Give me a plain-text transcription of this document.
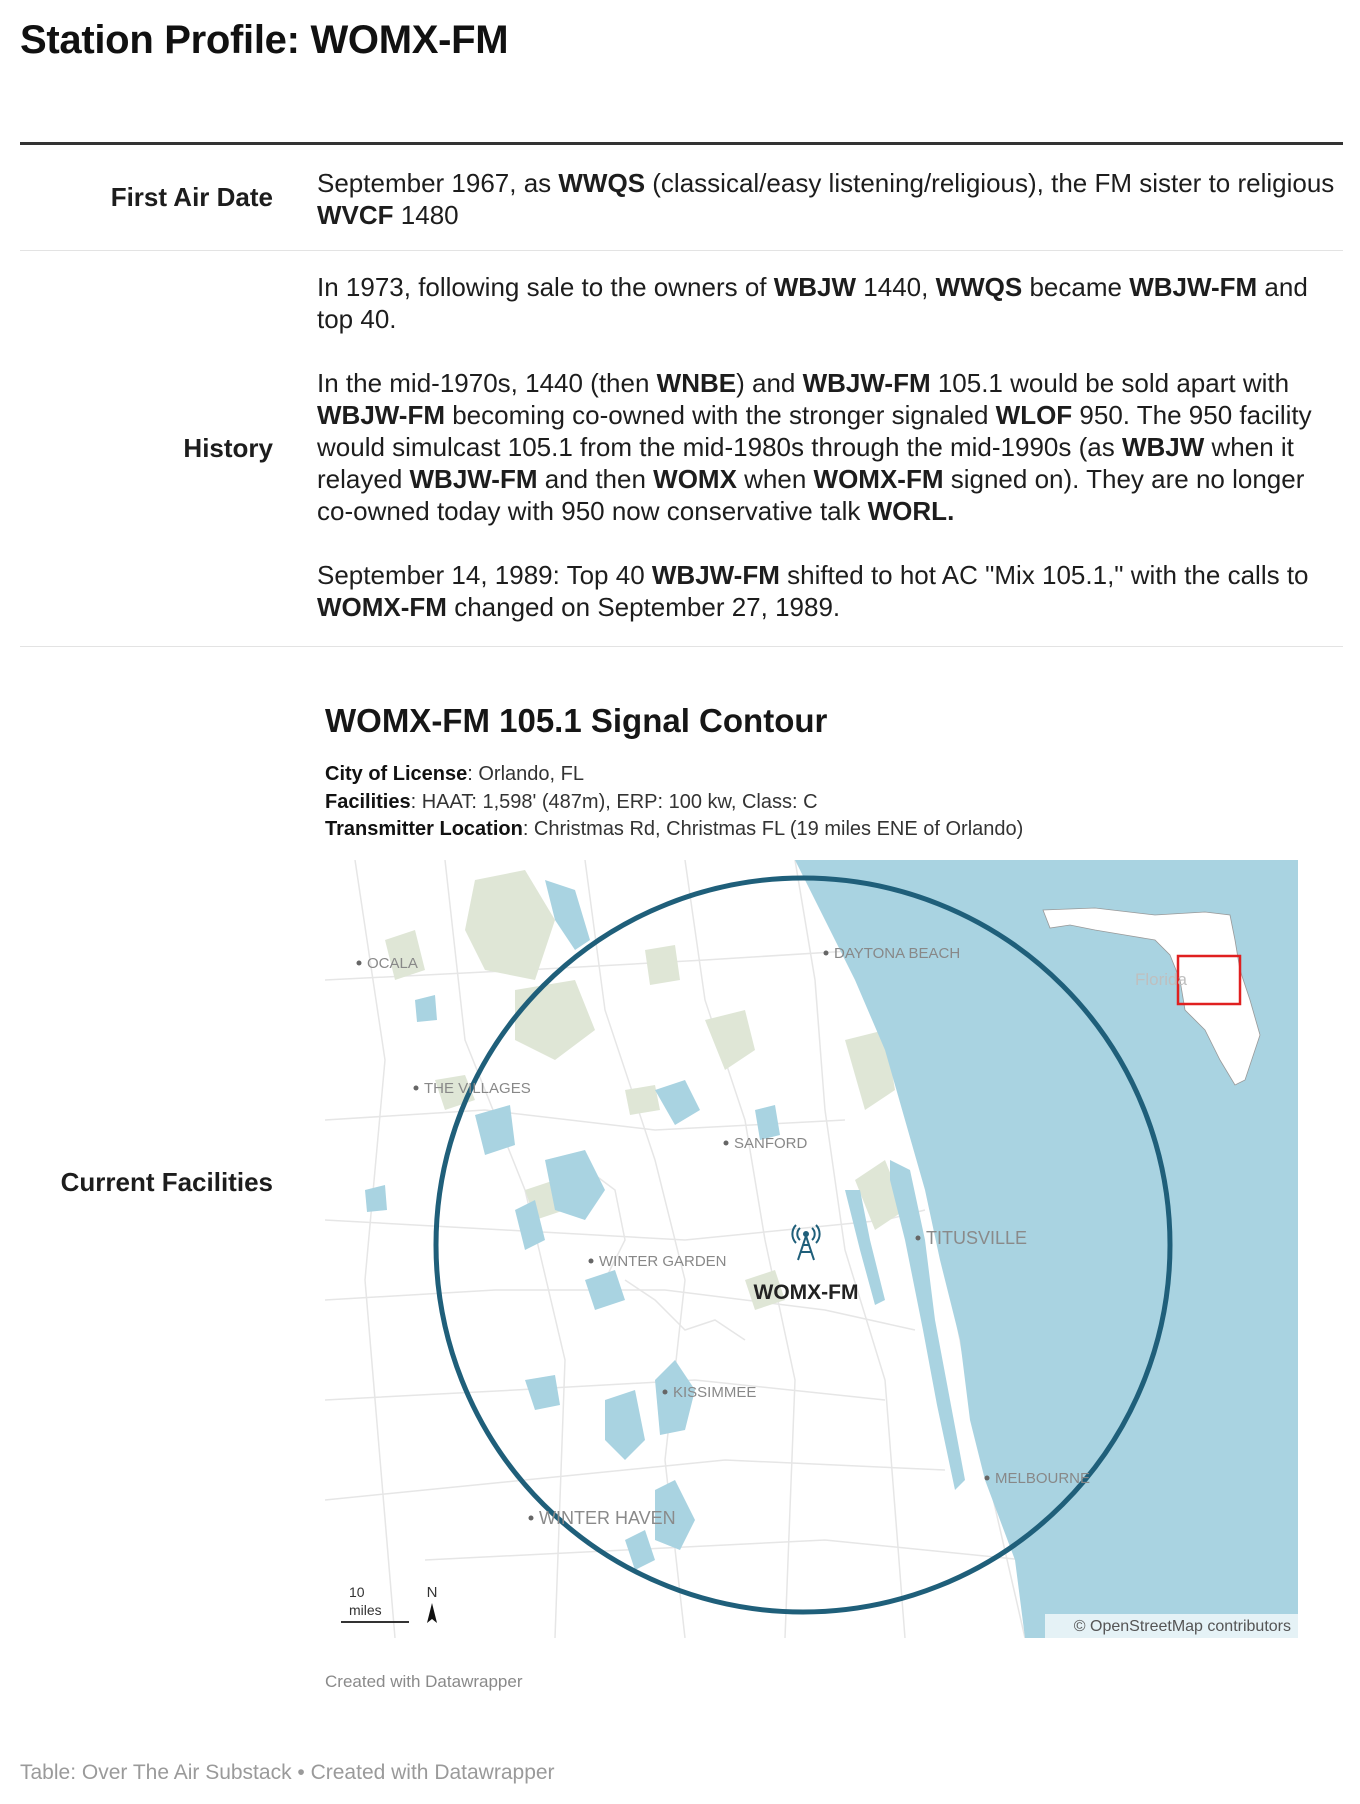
Station Profile: WOMX-FM
First Air Date September 1967, as WWQS (classical/easy listening/religious), the FM sister to religious WVCF 1480
History

In 1973, following sale to the owners of WBJW 1440, WWQS became WBJW-FM and top 40.

In the mid-1970s, 1440 (then WNBE) and WBJW-FM 105.1 would be sold apart with WBJW-FM becoming co-owned with the stronger signaled WLOF 950. The 950 facility would simulcast 105.1 from the mid-1980s through the mid-1990s (as WBJW when it relayed WBJW-FM and then WOMX when WOMX-FM signed on). They are no longer co-owned today with 950 now conservative talk WORL.

September 14, 1989: Top 40 WBJW-FM shifted to hot AC "Mix 105.1," with the calls to WOMX-FM changed on September 27, 1989.

Current Facilities
WOMX-FM 105.1 Signal Contour
City of License: Orlando, FL
Facilities: HAAT: 1,598' (487m), ERP: 100 kw, Class: C
Transmitter Location: Christmas Rd, Christmas FL (19 miles ENE of Orlando)
OCALA
DAYTONA BEACH
THE VILLAGES
SANFORD
TITUSVILLE
WINTER GARDEN
KISSIMMEE
MELBOURNE
WINTER HAVEN
WOMX-FM
Florida
10
miles
N
© OpenStreetMap contributors
Created with Datawrapper
Table: Over The Air Substack • Created with Datawrapper
